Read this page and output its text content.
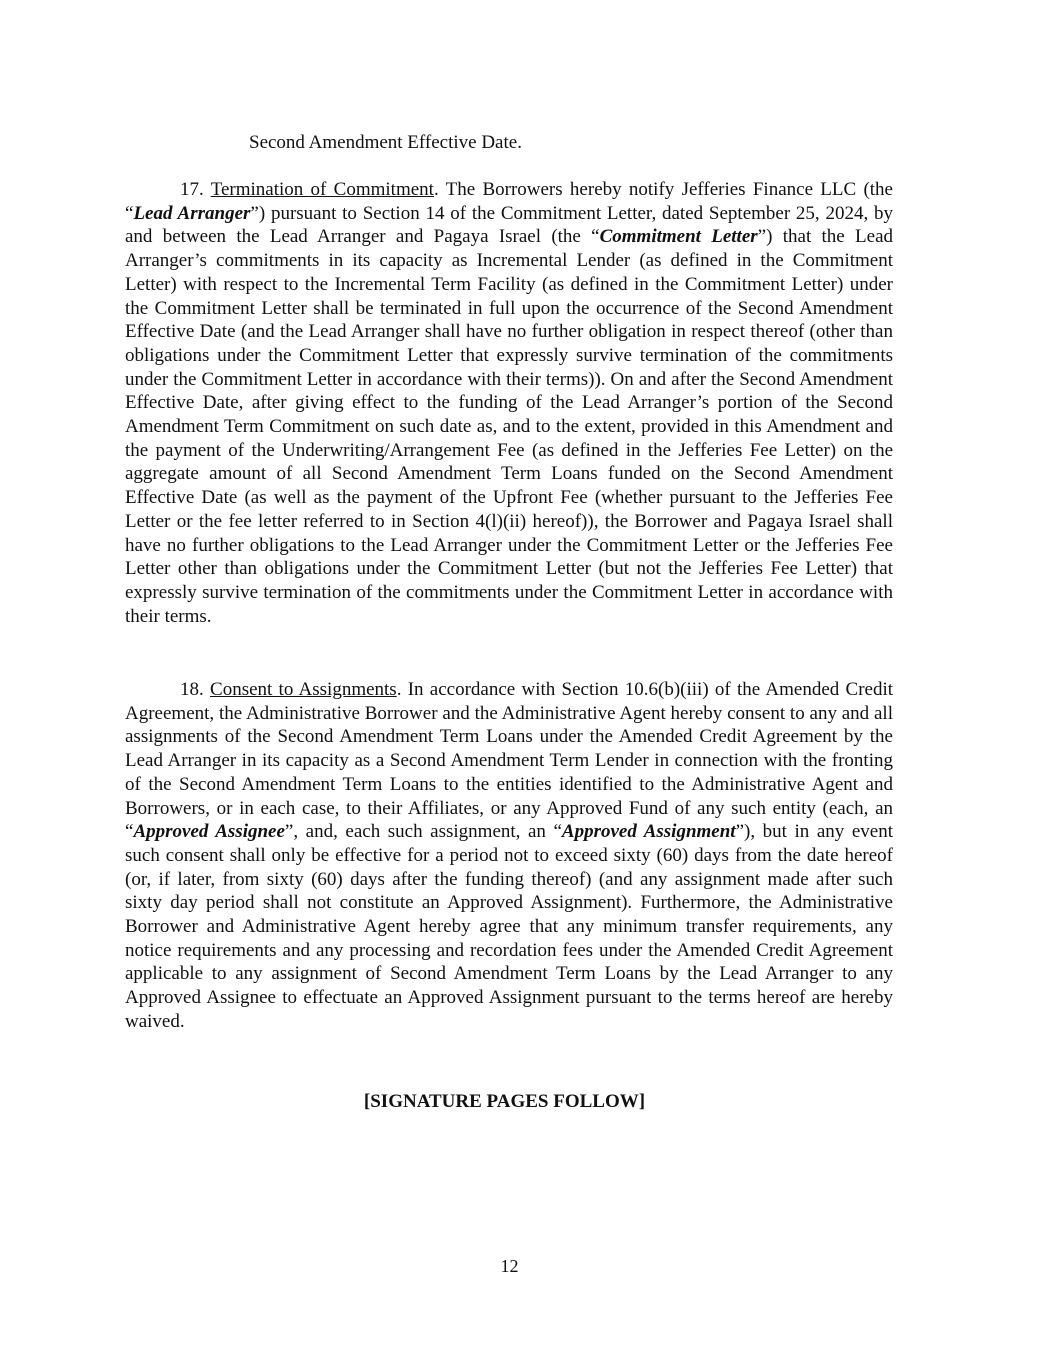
Second Amendment Effective Date.
17. Termination of Commitment. The Borrowers hereby notify Jefferies Finance LLC (the “Lead Arranger”) pursuant to Section 14 of the Commitment Letter, dated September 25, 2024, by and between the Lead Arranger and Pagaya Israel (the “Commitment Letter”) that the Lead Arranger’s commitments in its capacity as Incremental Lender (as defined in the Commitment Letter) with respect to the Incremental Term Facility (as defined in the Commitment Letter) under the Commitment Letter shall be terminated in full upon the occurrence of the Second Amendment Effective Date (and the Lead Arranger shall have no further obligation in respect thereof (other than obligations under the Commitment Letter that expressly survive termination of the commitments under the Commitment Letter in accordance with their terms)). On and after the Second Amendment Effective Date, after giving effect to the funding of the Lead Arranger’s portion of the Second Amendment Term Commitment on such date as, and to the extent, provided in this Amendment and the payment of the Underwriting/Arrangement Fee (as defined in the Jefferies Fee Letter) on the aggregate amount of all Second Amendment Term Loans funded on the Second Amendment Effective Date (as well as the payment of the Upfront Fee (whether pursuant to the Jefferies Fee Letter or the fee letter referred to in Section 4(l)(ii) hereof)), the Borrower and Pagaya Israel shall have no further obligations to the Lead Arranger under the Commitment Letter or the Jefferies Fee Letter other than obligations under the Commitment Letter (but not the Jefferies Fee Letter) that expressly survive termination of the commitments under the Commitment Letter in accordance with their terms.
18. Consent to Assignments. In accordance with Section 10.6(b)(iii) of the Amended Credit Agreement, the Administrative Borrower and the Administrative Agent hereby consent to any and all assignments of the Second Amendment Term Loans under the Amended Credit Agreement by the Lead Arranger in its capacity as a Second Amendment Term Lender in connection with the fronting of the Second Amendment Term Loans to the entities identified to the Administrative Agent and Borrowers, or in each case, to their Affiliates, or any Approved Fund of any such entity (each, an “Approved Assignee”, and, each such assignment, an “Approved Assignment”), but in any event such consent shall only be effective for a period not to exceed sixty (60) days from the date hereof (or, if later, from sixty (60) days after the funding thereof) (and any assignment made after such sixty day period shall not constitute an Approved Assignment). Furthermore, the Administrative Borrower and Administrative Agent hereby agree that any minimum transfer requirements, any notice requirements and any processing and recordation fees under the Amended Credit Agreement applicable to any assignment of Second Amendment Term Loans by the Lead Arranger to any Approved Assignee to effectuate an Approved Assignment pursuant to the terms hereof are hereby waived.
[SIGNATURE PAGES FOLLOW]
12
